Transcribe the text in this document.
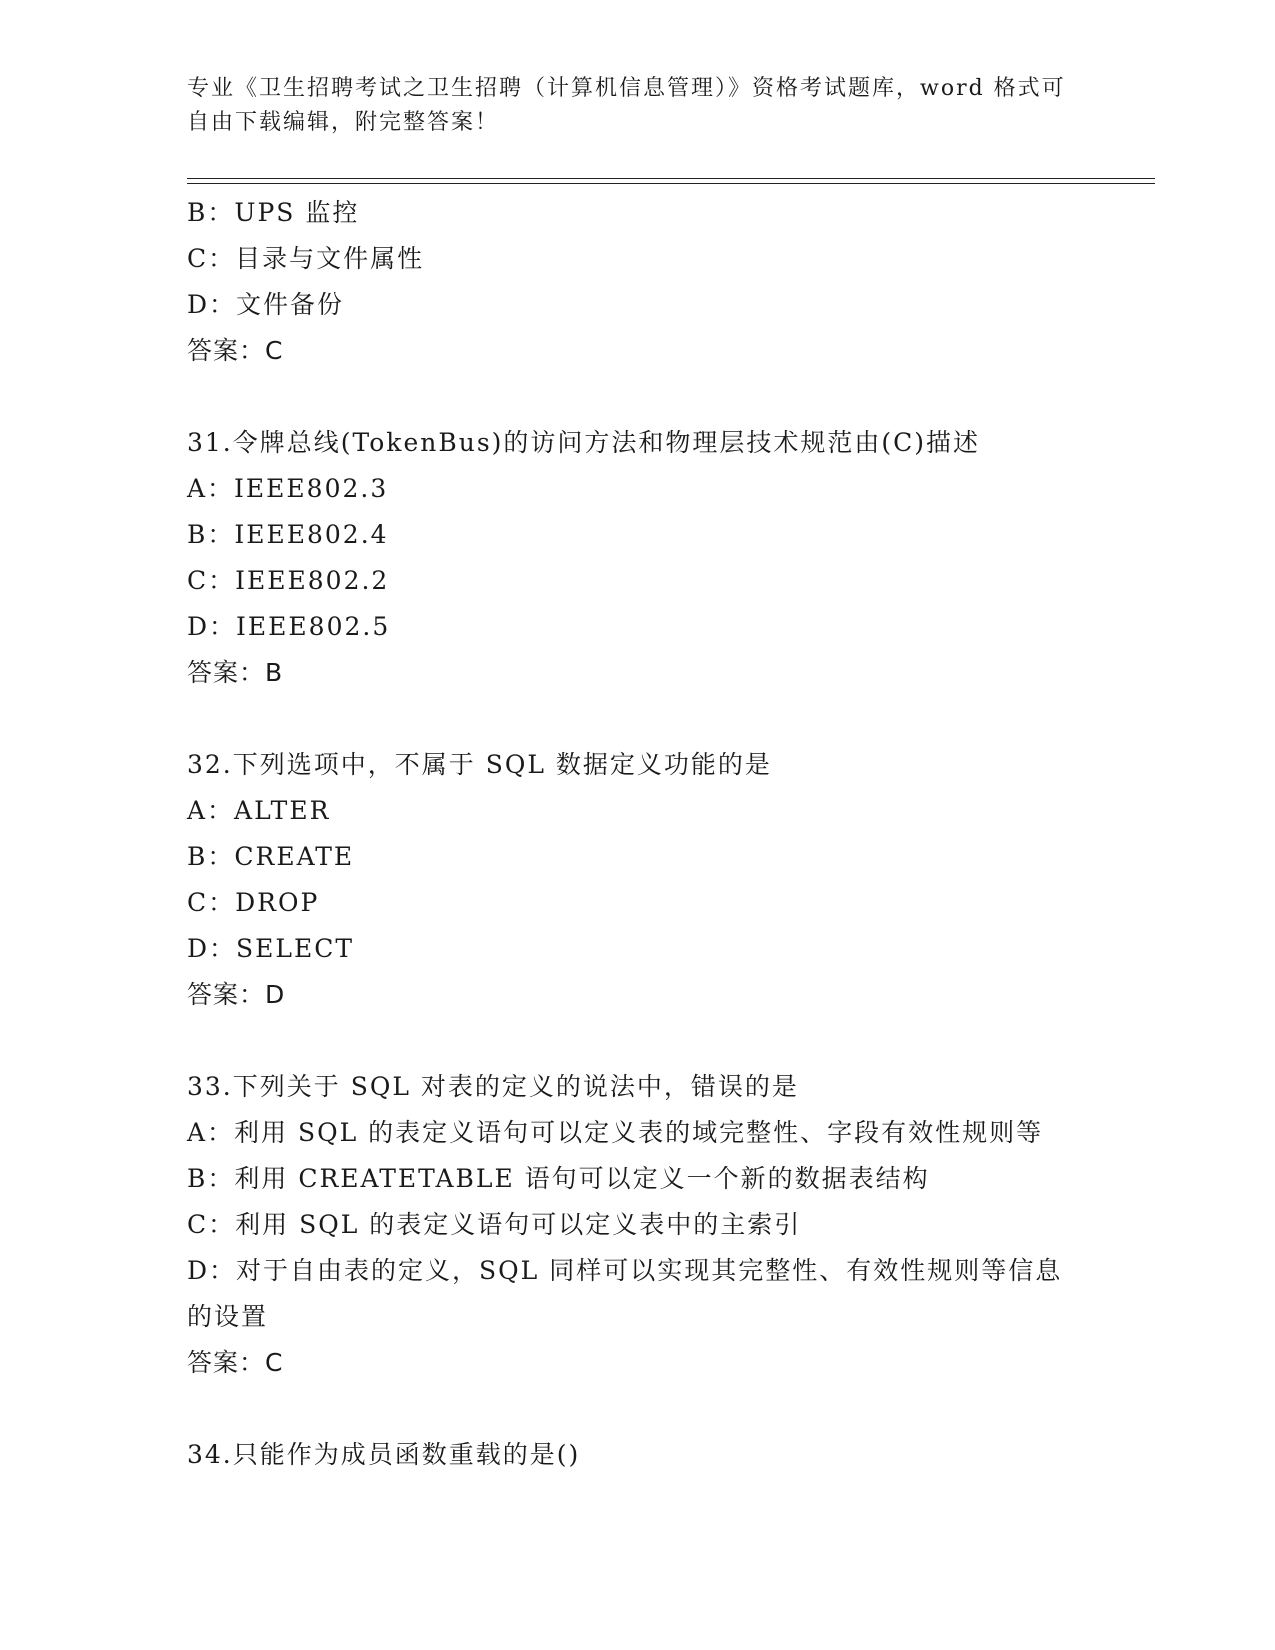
专业《卫生招聘考试之卫生招聘（计算机信息管理）》资格考试题库，word 格式可自由下载编辑，附完整答案！
B：UPS 监控
C：目录与文件属性
D：文件备份
答案：C
31.令牌总线(TokenBus)的访问方法和物理层技术规范由(C)描述
A：IEEE802.3
B：IEEE802.4
C：IEEE802.2
D：IEEE802.5
答案：B
32.下列选项中，不属于 SQL 数据定义功能的是
A：ALTER
B：CREATE
C：DROP
D：SELECT
答案：D
33.下列关于 SQL 对表的定义的说法中，错误的是
A：利用 SQL 的表定义语句可以定义表的域完整性、字段有效性规则等
B：利用 CREATETABLE 语句可以定义一个新的数据表结构
C：利用 SQL 的表定义语句可以定义表中的主索引
D：对于自由表的定义，SQL 同样可以实现其完整性、有效性规则等信息的设置
答案：C
34.只能作为成员函数重载的是()
